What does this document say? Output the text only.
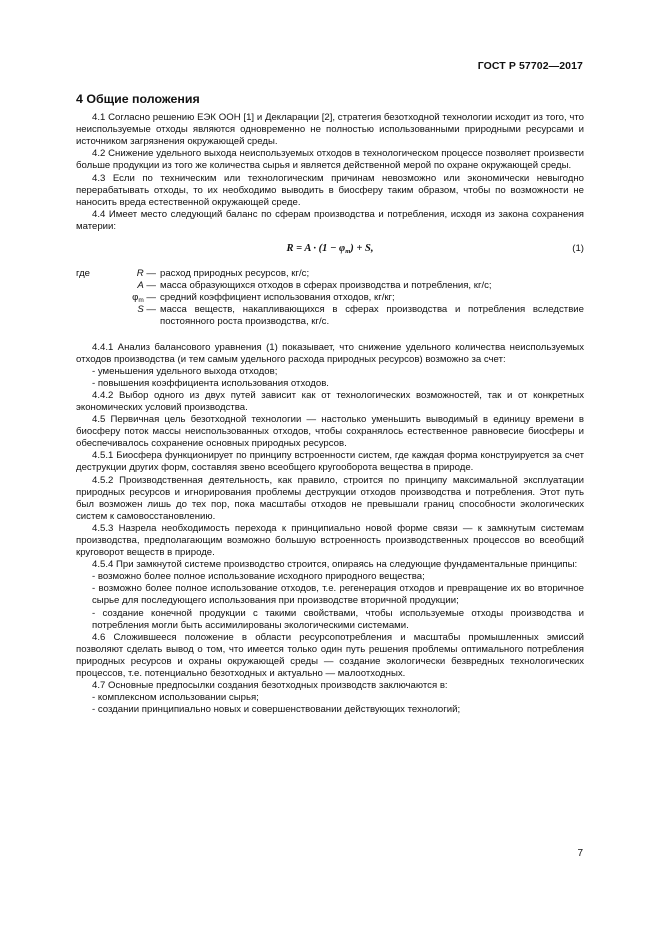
ГОСТ Р 57702—2017
4 Общие положения

4.1 Согласно решению ЕЭК ООН [1] и Декларации [2], стратегия безотходной технологии исходит из того, что неиспользуемые отходы являются одновременно не полностью использованными природными ресурсами и источником загрязнения окружающей среды.

4.2 Снижение удельного выхода неиспользуемых отходов в технологическом процессе позволяет произвести больше продукции из того же количества сырья и является действенной мерой по охране окружающей среды.

4.3 Если по техническим или технологическим причинам невозможно или экономически невыгодно перерабатывать отходы, то их необходимо выводить в биосферу таким образом, чтобы по возможности не наносить вреда естественной окружающей среде.

4.4 Имеет место следующий баланс по сферам производства и потребления, исходя из закона сохранения материи:

$R = A \cdot (1 - \varphi_m) + S$,	(1)
где	R — расход природных ресурсов, кг/с;
A — масса образующихся отходов в сферах производства и потребления, кг/с;
$\varphi_m$ — средний коэффициент использования отходов, кг/кг;
S — масса веществ, накапливающихся в сферах производства и потребления вследствие постоянного роста производства, кг/с.

4.4.1 Анализ балансового уравнения (1) показывает, что снижение удельного количества неиспользуемых отходов производства (и тем самым удельного расхода природных ресурсов) возможно за счет:

- уменьшения удельного выхода отходов;

- повышения коэффициента использования отходов.

4.4.2 Выбор одного из двух путей зависит как от технологических возможностей, так и от конкретных экономических условий производства.

4.5 Первичная цель безотходной технологии — настолько уменьшить выводимый в единицу времени в биосферу поток массы неиспользованных отходов, чтобы сохранялось естественное равновесие биосферы и обеспечивалось сохранение основных природных ресурсов.

4.5.1 Биосфера функционирует по принципу встроенности систем, где каждая форма конструируется за счет деструкции других форм, составляя звено всеобщего кругооборота вещества в природе.

4.5.2 Производственная деятельность, как правило, строится по принципу максимальной эксплуатации природных ресурсов и игнорирования проблемы деструкции отходов производства и потребления. Этот путь был возможен лишь до тех пор, пока масштабы отходов не превышали границ способности экологических систем к самовосстановлению.

4.5.3 Назрела необходимость перехода к принципиально новой форме связи — к замкнутым системам производства, предполагающим возможно большую встроенность производственных процессов во всеобщий круговорот веществ в природе.

4.5.4 При замкнутой системе производство строится, опираясь на следующие фундаментальные принципы:

- возможно более полное использование исходного природного вещества;

- возможно более полное использование отходов, т.е. регенерация отходов и превращение их во вторичное сырье для последующего использования при производстве вторичной продукции;

- создание конечной продукции с такими свойствами, чтобы используемые отходы производства и потребления могли быть ассимилированы экологическими системами.

4.6 Сложившееся положение в области ресурсопотребления и масштабы промышленных эмиссий позволяют сделать вывод о том, что имеется только один путь решения проблемы оптимального потребления природных ресурсов и охраны окружающей среды — создание экологически безвредных технологических процессов, т.е. потенциально безотходных и актуально — малоотходных.

4.7 Основные предпосылки создания безотходных производств заключаются в:

- комплексном использовании сырья;

- создании принципиально новых и совершенствовании действующих технологий;

7
